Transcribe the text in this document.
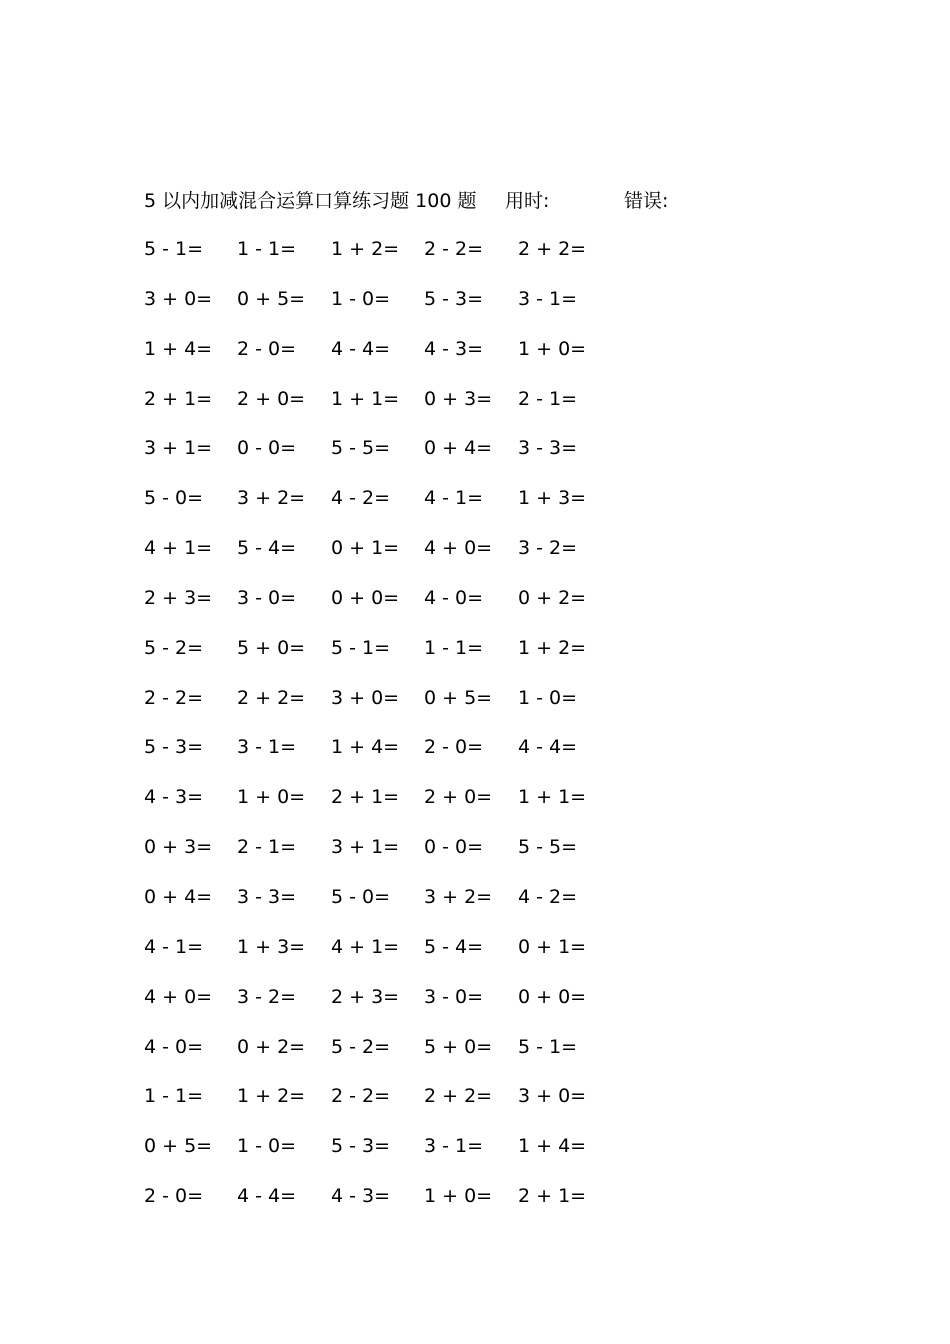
5 以内加减混合运算口算练习题 100 题 用时:	错误:
5 - 1= 1 - 1= 1 + 2= 2 - 2= 2 + 2=
3 + 0= 0 + 5= 1 - 0= 5 - 3= 3 - 1=
1 + 4= 2 - 0= 4 - 4= 4 - 3= 1 + 0=
2 + 1= 2 + 0= 1 + 1= 0 + 3= 2 - 1=
3 + 1= 0 - 0= 5 - 5= 0 + 4= 3 - 3=
5 - 0= 3 + 2= 4 - 2= 4 - 1= 1 + 3=
4 + 1= 5 - 4= 0 + 1= 4 + 0= 3 - 2=
2 + 3= 3 - 0= 0 + 0= 4 - 0= 0 + 2=
5 - 2= 5 + 0= 5 - 1= 1 - 1= 1 + 2=
2 - 2= 2 + 2= 3 + 0= 0 + 5= 1 - 0=
5 - 3= 3 - 1= 1 + 4= 2 - 0= 4 - 4=
4 - 3= 1 + 0= 2 + 1= 2 + 0= 1 + 1=
0 + 3= 2 - 1= 3 + 1= 0 - 0= 5 - 5=
0 + 4= 3 - 3= 5 - 0= 3 + 2= 4 - 2=
4 - 1= 1 + 3= 4 + 1= 5 - 4= 0 + 1=
4 + 0= 3 - 2= 2 + 3= 3 - 0= 0 + 0=
4 - 0= 0 + 2= 5 - 2= 5 + 0= 5 - 1=
1 - 1= 1 + 2= 2 - 2= 2 + 2= 3 + 0=
0 + 5= 1 - 0= 5 - 3= 3 - 1= 1 + 4=
2 - 0= 4 - 4= 4 - 3= 1 + 0= 2 + 1=
